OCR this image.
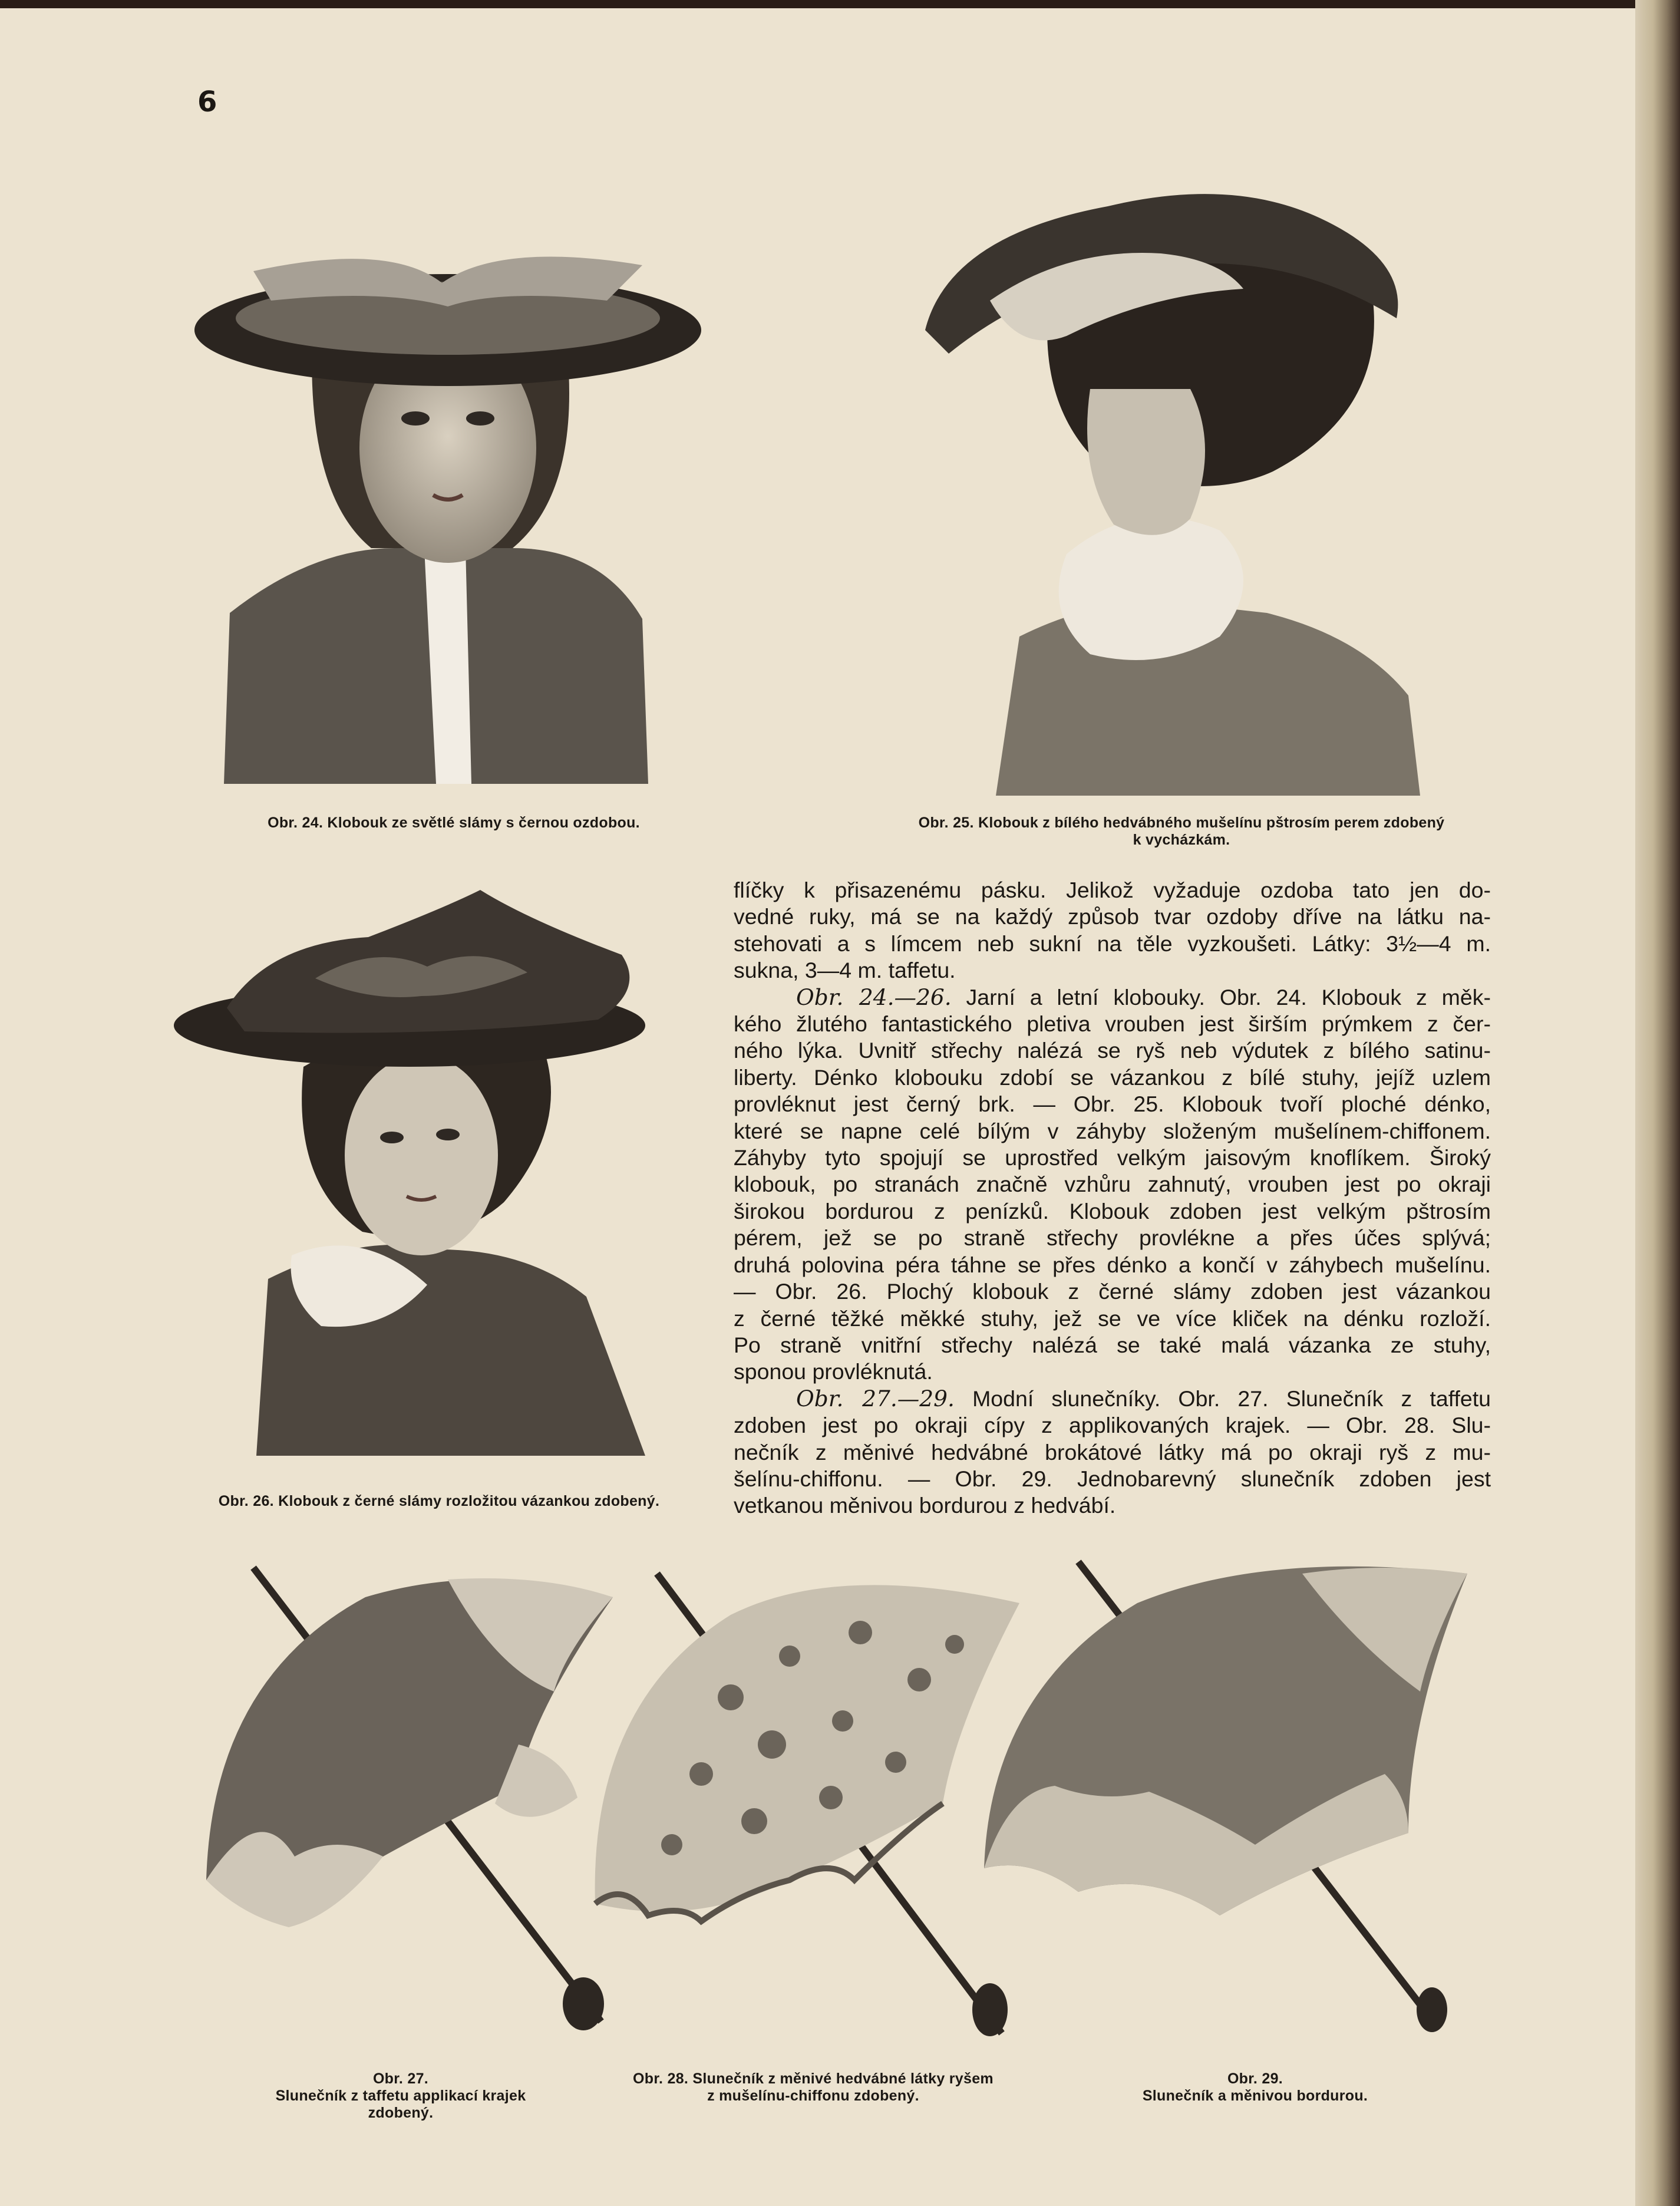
6
Obr. 24. Klobouk ze světlé slámy s černou ozdobou.	Obr. 25. Klobouk z bílého hedvábného mušelínu pštrosím perem zdobený
k vycházkám.
Obr. 26. Klobouk z černé slámy rozložitou vázankou zdobený.

flíčky k přisazenému pásku. Jelikož vyžaduje ozdoba tato jen do-
vedné ruky, má se na každý způsob tvar ozdoby dříve na látku na-
stehovati a s límcem neb sukní na těle vyzkoušeti. Látky: 3½—4 m.
sukna, 3—4 m. taffetu.

Obr. 24.—26. Jarní a letní klobouky. Obr. 24. Klobouk z měk-
kého žlutého fantastického pletiva vrouben jest širším prýmkem z čer-
ného lýka. Uvnitř střechy nalézá se ryš neb výdutek z bílého satinu-
liberty. Dénko klobouku zdobí se vázankou z bílé stuhy, jejíž uzlem
provléknut jest černý brk. — Obr. 25. Klobouk tvoří ploché dénko,
které se napne celé bílým v záhyby složeným mušelínem-chiffonem.
Záhyby tyto spojují se uprostřed velkým jaisovým knoflíkem. Široký
klobouk, po stranách značně vzhůru zahnutý, vrouben jest po okraji
širokou bordurou z penízků. Klobouk zdoben jest velkým pštrosím
pérem, jež se po straně střechy provlékne a přes účes splývá;
druhá polovina péra táhne se přes dénko a končí v záhybech mušelínu.
— Obr. 26. Plochý klobouk z černé slámy zdoben jest vázankou
z černé těžké měkké stuhy, jež se ve více kliček na dénku rozloží.
Po straně vnitřní střechy nalézá se také malá vázanka ze stuhy,
sponou provléknutá.

Obr. 27.—29. Modní slunečníky. Obr. 27. Slunečník z taffetu
zdoben jest po okraji cípy z applikovaných krajek. — Obr. 28. Slu-
nečník z měnivé hedvábné brokátové látky má po okraji ryš z mu-
šelínu-chiffonu. — Obr. 29. Jednobarevný slunečník zdoben jest
vetkanou měnivou bordurou z hedvábí.

Obr. 27.
Slunečník z taffetu applikací krajek zdobený.
Obr. 28. Slunečník z měnivé hedvábné látky ryšem
z mušelínu-chiffonu zdobený.
Obr. 29.
Slunečník a měnivou bordurou.
